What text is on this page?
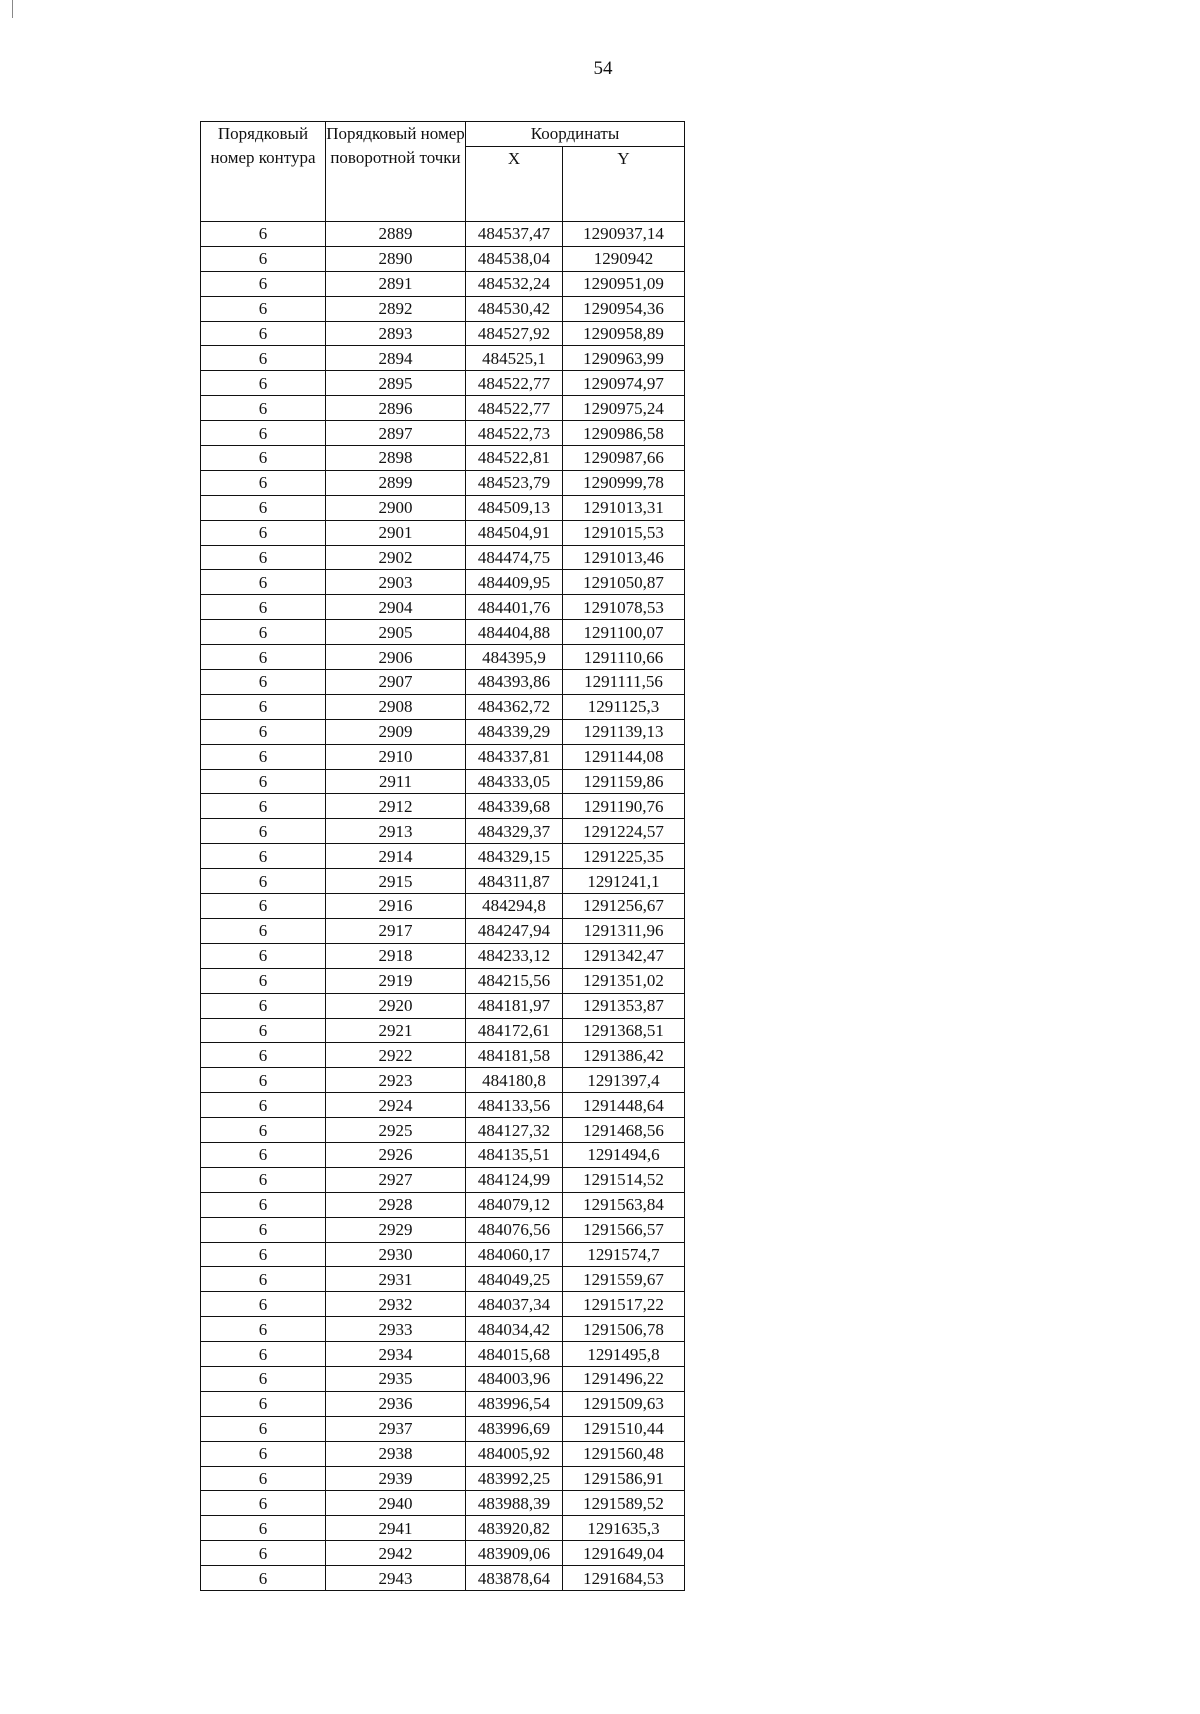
54
Порядковый номер контура	Порядковый номер поворотной точки	Координаты	
		X	Y
6	2889	484537,47	1290937,14
6	2890	484538,04	1290942
6	2891	484532,24	1290951,09
6	2892	484530,42	1290954,36
6	2893	484527,92	1290958,89
6	2894	484525,1	1290963,99
6	2895	484522,77	1290974,97
6	2896	484522,77	1290975,24
6	2897	484522,73	1290986,58
6	2898	484522,81	1290987,66
6	2899	484523,79	1290999,78
6	2900	484509,13	1291013,31
6	2901	484504,91	1291015,53
6	2902	484474,75	1291013,46
6	2903	484409,95	1291050,87
6	2904	484401,76	1291078,53
6	2905	484404,88	1291100,07
6	2906	484395,9	1291110,66
6	2907	484393,86	1291111,56
6	2908	484362,72	1291125,3
6	2909	484339,29	1291139,13
6	2910	484337,81	1291144,08
6	2911	484333,05	1291159,86
6	2912	484339,68	1291190,76
6	2913	484329,37	1291224,57
6	2914	484329,15	1291225,35
6	2915	484311,87	1291241,1
6	2916	484294,8	1291256,67
6	2917	484247,94	1291311,96
6	2918	484233,12	1291342,47
6	2919	484215,56	1291351,02
6	2920	484181,97	1291353,87
6	2921	484172,61	1291368,51
6	2922	484181,58	1291386,42
6	2923	484180,8	1291397,4
6	2924	484133,56	1291448,64
6	2925	484127,32	1291468,56
6	2926	484135,51	1291494,6
6	2927	484124,99	1291514,52
6	2928	484079,12	1291563,84
6	2929	484076,56	1291566,57
6	2930	484060,17	1291574,7
6	2931	484049,25	1291559,67
6	2932	484037,34	1291517,22
6	2933	484034,42	1291506,78
6	2934	484015,68	1291495,8
6	2935	484003,96	1291496,22
6	2936	483996,54	1291509,63
6	2937	483996,69	1291510,44
6	2938	484005,92	1291560,48
6	2939	483992,25	1291586,91
6	2940	483988,39	1291589,52
6	2941	483920,82	1291635,3
6	2942	483909,06	1291649,04
6	2943	483878,64	1291684,53
